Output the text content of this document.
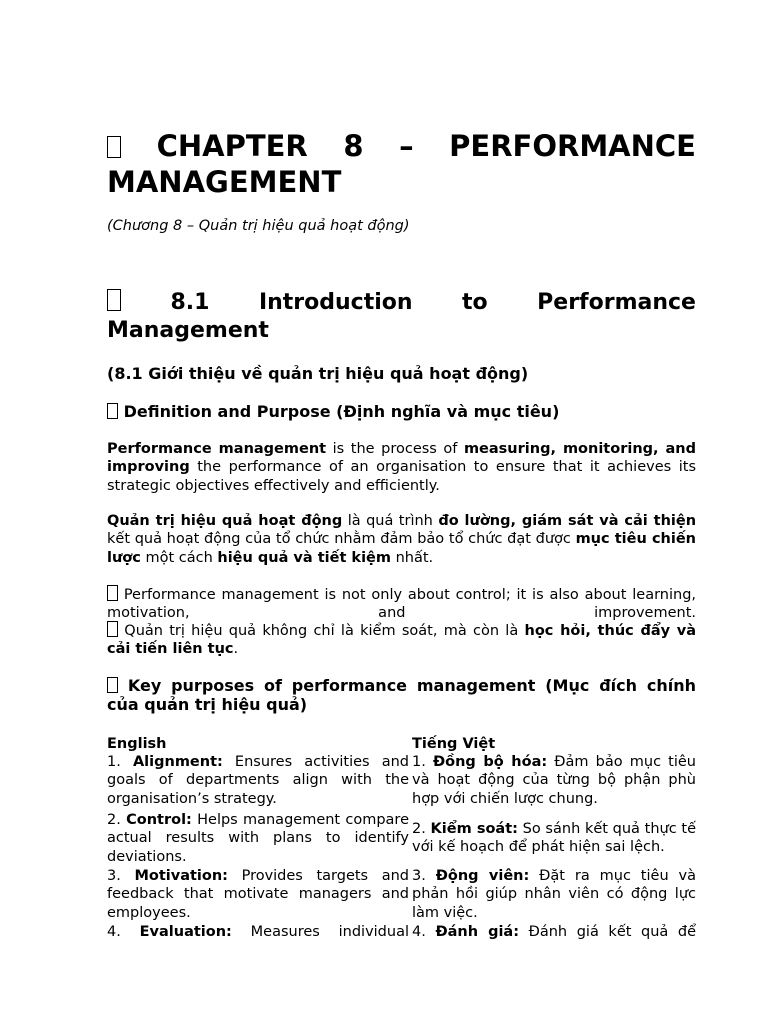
CHAPTER 8 – PERFORMANCE MANAGEMENT

(Chương 8 – Quản trị hiệu quả hoạt động)

8.1 Introduction to Performance Management

(8.1 Giới thiệu về quản trị hiệu quả hoạt động)

Definition and Purpose (Định nghĩa và mục tiêu)

Performance management is the process of measuring, monitoring, and improving the performance of an organisation to ensure that it achieves its strategic objectives effectively and efficiently.

Quản trị hiệu quả hoạt động là quá trình đo lường, giám sát và cải thiện kết quả hoạt động của tổ chức nhằm đảm bảo tổ chức đạt được mục tiêu chiến lược một cách hiệu quả và tiết kiệm nhất.

Performance management is not only about control; it is also about learning, motivation, and improvement.

Quản trị hiệu quả không chỉ là kiểm soát, mà còn là học hỏi, thúc đẩy và cải tiến liên tục.

Key purposes of performance management (Mục đích chính của quản trị hiệu quả)

English
1. Alignment: Ensures activities and goals of departments align with the organisation’s strategy.
2. Control: Helps management compare actual results with plans to identify deviations.
3. Motivation: Provides targets and feedback that motivate managers and employees.
4. Evaluation: Measures individual
Tiếng Việt
1. Đồng bộ hóa: Đảm bảo mục tiêu và hoạt động của từng bộ phận phù hợp với chiến lược chung.
2. Kiểm soát: So sánh kết quả thực tế với kế hoạch để phát hiện sai lệch.
3. Động viên: Đặt ra mục tiêu và phản hồi giúp nhân viên có động lực làm việc.
4. Đánh giá: Đánh giá kết quả để
